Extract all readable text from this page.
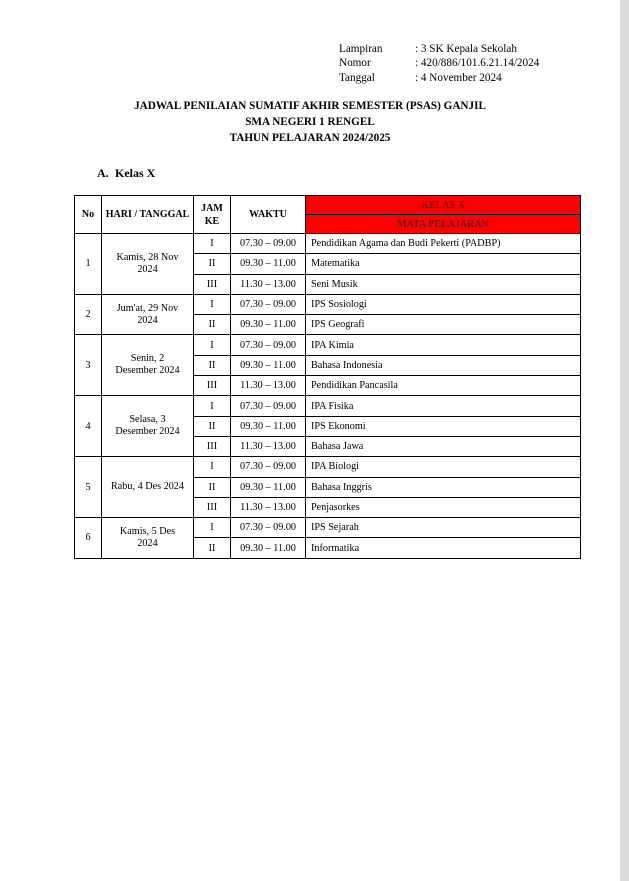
Lampiran	: 3 SK Kepala Sekolah
Nomor	: 420/886/101.6.21.14/2024
Tanggal	: 4 November 2024
JADWAL PENILAIAN SUMATIF AKHIR SEMESTER (PSAS) GANJIL
SMA NEGERI 1 RENGEL
TAHUN PELAJARAN 2024/2025
A. Kelas X
No	HARI / TANGGAL	JAM KE	WAKTU	KELAS X
				MATA PELAJARAN
1	Kamis, 28 Nov 2024	I	07.30 – 09.00	Pendidikan Agama dan Budi Pekerti (PADBP)
		II	09.30 – 11.00	Matematika
		III	11.30 – 13.00	Seni Musik
2	Jum'at, 29 Nov 2024	I	07.30 – 09.00	IPS Sosiologi
		II	09.30 – 11.00	IPS Geografi
3	Senin, 2 Desember 2024	I	07.30 – 09.00	IPA Kimia
		II	09.30 – 11.00	Bahasa Indonesia
		III	11.30 – 13.00	Pendidikan Pancasila
4	Selasa, 3 Desember 2024	I	07.30 – 09.00	IPA Fisika
		II	09.30 – 11.00	IPS Ekonomi
		III	11.30 – 13.00	Bahasa Jawa
5	Rabu, 4 Des 2024	I	07.30 – 09.00	IPA Biologi
		II	09.30 – 11.00	Bahasa Inggris
		III	11.30 – 13.00	Penjasorkes
6	Kamis, 5 Des 2024	I	07.30 – 09.00	IPS Sejarah
		II	09.30 – 11.00	Informatika
